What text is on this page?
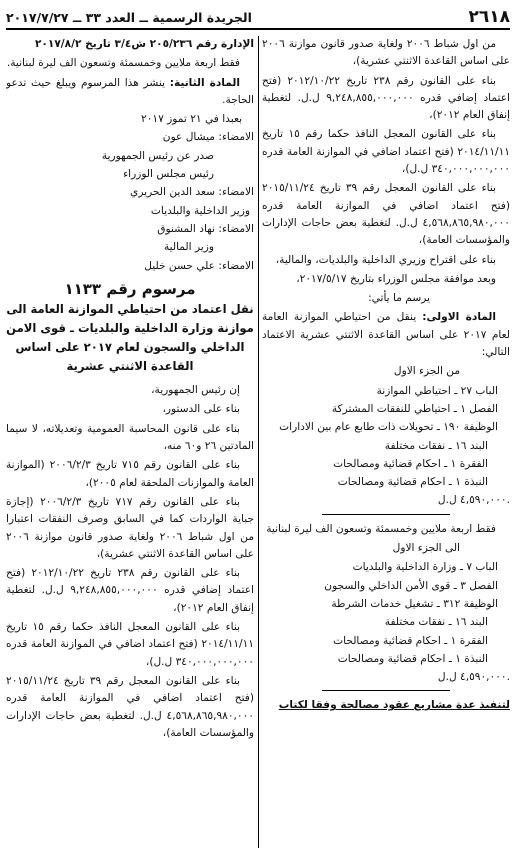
٢٦١٨
الجريدة الرسمية ــ العدد ٣٣ ــ ٢٠١٧/٧/٢٧

من اول شباط ٢٠٠٦ ولغاية صدور قانون موازنة ٢٠٠٦ على اساس القاعدة الاثنتي عشرية)،

بناء على القانون رقم ٢٣٨ تاريخ ٢٠١٢/١٠/٢٢ (فتح اعتماد إضافي قدره ٩,٢٤٨,٨٥٥,٠٠٠,٠٠٠ ل.ل. لتغطية إنفاق العام ٢٠١٢)،

بناء على القانون المعجل النافذ حكما رقم ١٥ تاريخ ٢٠١٤/١١/١١ (فتح اعتماد اضافي في الموازنة العامة قدره ٣٤٠,٠٠٠,٠٠٠,٠٠٠ ل.ل)،

بناء على القانون المعجل رقم ٣٩ تاريخ ٢٠١٥/١١/٢٤ (فتح اعتماد اضافي في الموازنة العامة قدره ٤,٥٦٨,٨٦٥,٩٨٠,٠٠٠ ل.ل. لتغطية بعض حاجات الإدارات والمؤسسات العامة)،

بناء على اقتراح وزيري الداخلية والبلديات، والمالية،

وبعد موافقة مجلس الوزراء بتاريخ ٢٠١٧/٥/١٧،

يرسم ما يأتي:

المادة الاولى: ينقل من احتياطي الموازنة العامة لعام ٢٠١٧ على اساس القاعدة الاثنتي عشرية الاعتماد التالي:

من الجزء الاول

الباب ٢٧ ـ احتياطي الموازنة
الفصل ١ ـ احتياطي للنفقات المشتركة
الوظيفة ١٩٠ ـ تحويلات ذات طابع عام بين الادارات
البند ١٦ ـ نفقات مختلفة
الفقرة ١ ـ احكام قضائية ومصالحات
النبذة ١ ـ احكام قضائية ومصالحات
٤,٥٩٠,٠٠٠ ل.ل.

فقط اربعة ملايين وخمسمئة وتسعون الف ليرة لبنانية

الى الجزء الاول

الباب ٧ ـ وزارة الداخلية والبلديات
الفصل ٣ ـ قوى الأمن الداخلي والسجون
الوظيفة ٣١٢ ـ تشغيل خدمات الشرطة
البند ١٦ ـ نفقات مختلفة
الفقرة ١ ـ احكام قضائية ومصالحات
النبذة ١ ـ احكام قضائية ومصالحات
٤,٥٩٠,٠٠٠ ل.ل.

لتنفيذ عدة مشاريع عقود مصالحة وفقا لكتاب

الإدارة رقم ٢٠٥/٢٣٦ ش٣/٤ تاريخ ٢٠١٧/٨/٢

فقط اربعة ملايين وخمسمئة وتسعون الف ليرة لبنانية.

المادة الثانية: ينشر هذا المرسوم ويبلغ حيث تدعو الحاجة.

بعبدا في ٢١ تموز ٢٠١٧

الامضاء: ميشال عون

صدر عن رئيس الجمهورية

رئيس مجلس الوزراء

الامضاء: سعد الدين الحريري

وزير الداخلية والبلديات

الامضاء: نهاد المشنوق

وزير المالية

الامضاء: علي حسن خليل

مرسوم رقم ١١٣٣
نقل اعتماد من احتياطي الموازنة العامة الى موازنة وزارة الداخلية والبلديات ـ قوى الامن الداخلي والسجون لعام ٢٠١٧ على اساس القاعدة الاثنتي عشرية

إن رئيس الجمهورية،

بناء على الدستور،

بناء على قانون المحاسبة العمومية وتعديلاته، لا سيما المادتين ٢٦ و٦٠ منه،

بناء على القانون رقم ٧١٥ تاريخ ٢٠٠٦/٢/٣ (الموازنة العامة والموازنات الملحقة لعام ٢٠٠٥)،

بناء على القانون رقم ٧١٧ تاريخ ٢٠٠٦/٢/٣ (إجازة جباية الواردات كما في السابق وصرف النفقات اعتبارا من اول شباط ٢٠٠٦ ولغاية صدور قانون موازنة ٢٠٠٦ على اساس القاعدة الاثنتي عشرية)،

بناء على القانون رقم ٢٣٨ تاريخ ٢٠١٢/١٠/٢٢ (فتح اعتماد إضافي قدره ٩,٢٤٨,٨٥٥,٠٠٠,٠٠٠ ل.ل. لتغطية إنفاق العام ٢٠١٢)،

بناء على القانون المعجل النافذ حكما رقم ١٥ تاريخ ٢٠١٤/١١/١١ (فتح اعتماد اضافي في الموازنة العامة قدره ٣٤٠,٠٠٠,٠٠٠,٠٠٠ ل.ل)،

بناء على القانون المعجل رقم ٣٩ تاريخ ٢٠١٥/١١/٢٤ (فتح اعتماد اضافي في الموازنة العامة قدره ٤,٥٦٨,٨٦٥,٩٨٠,٠٠٠ ل.ل. لتغطية بعض حاجات الإدارات والمؤسسات العامة)،
